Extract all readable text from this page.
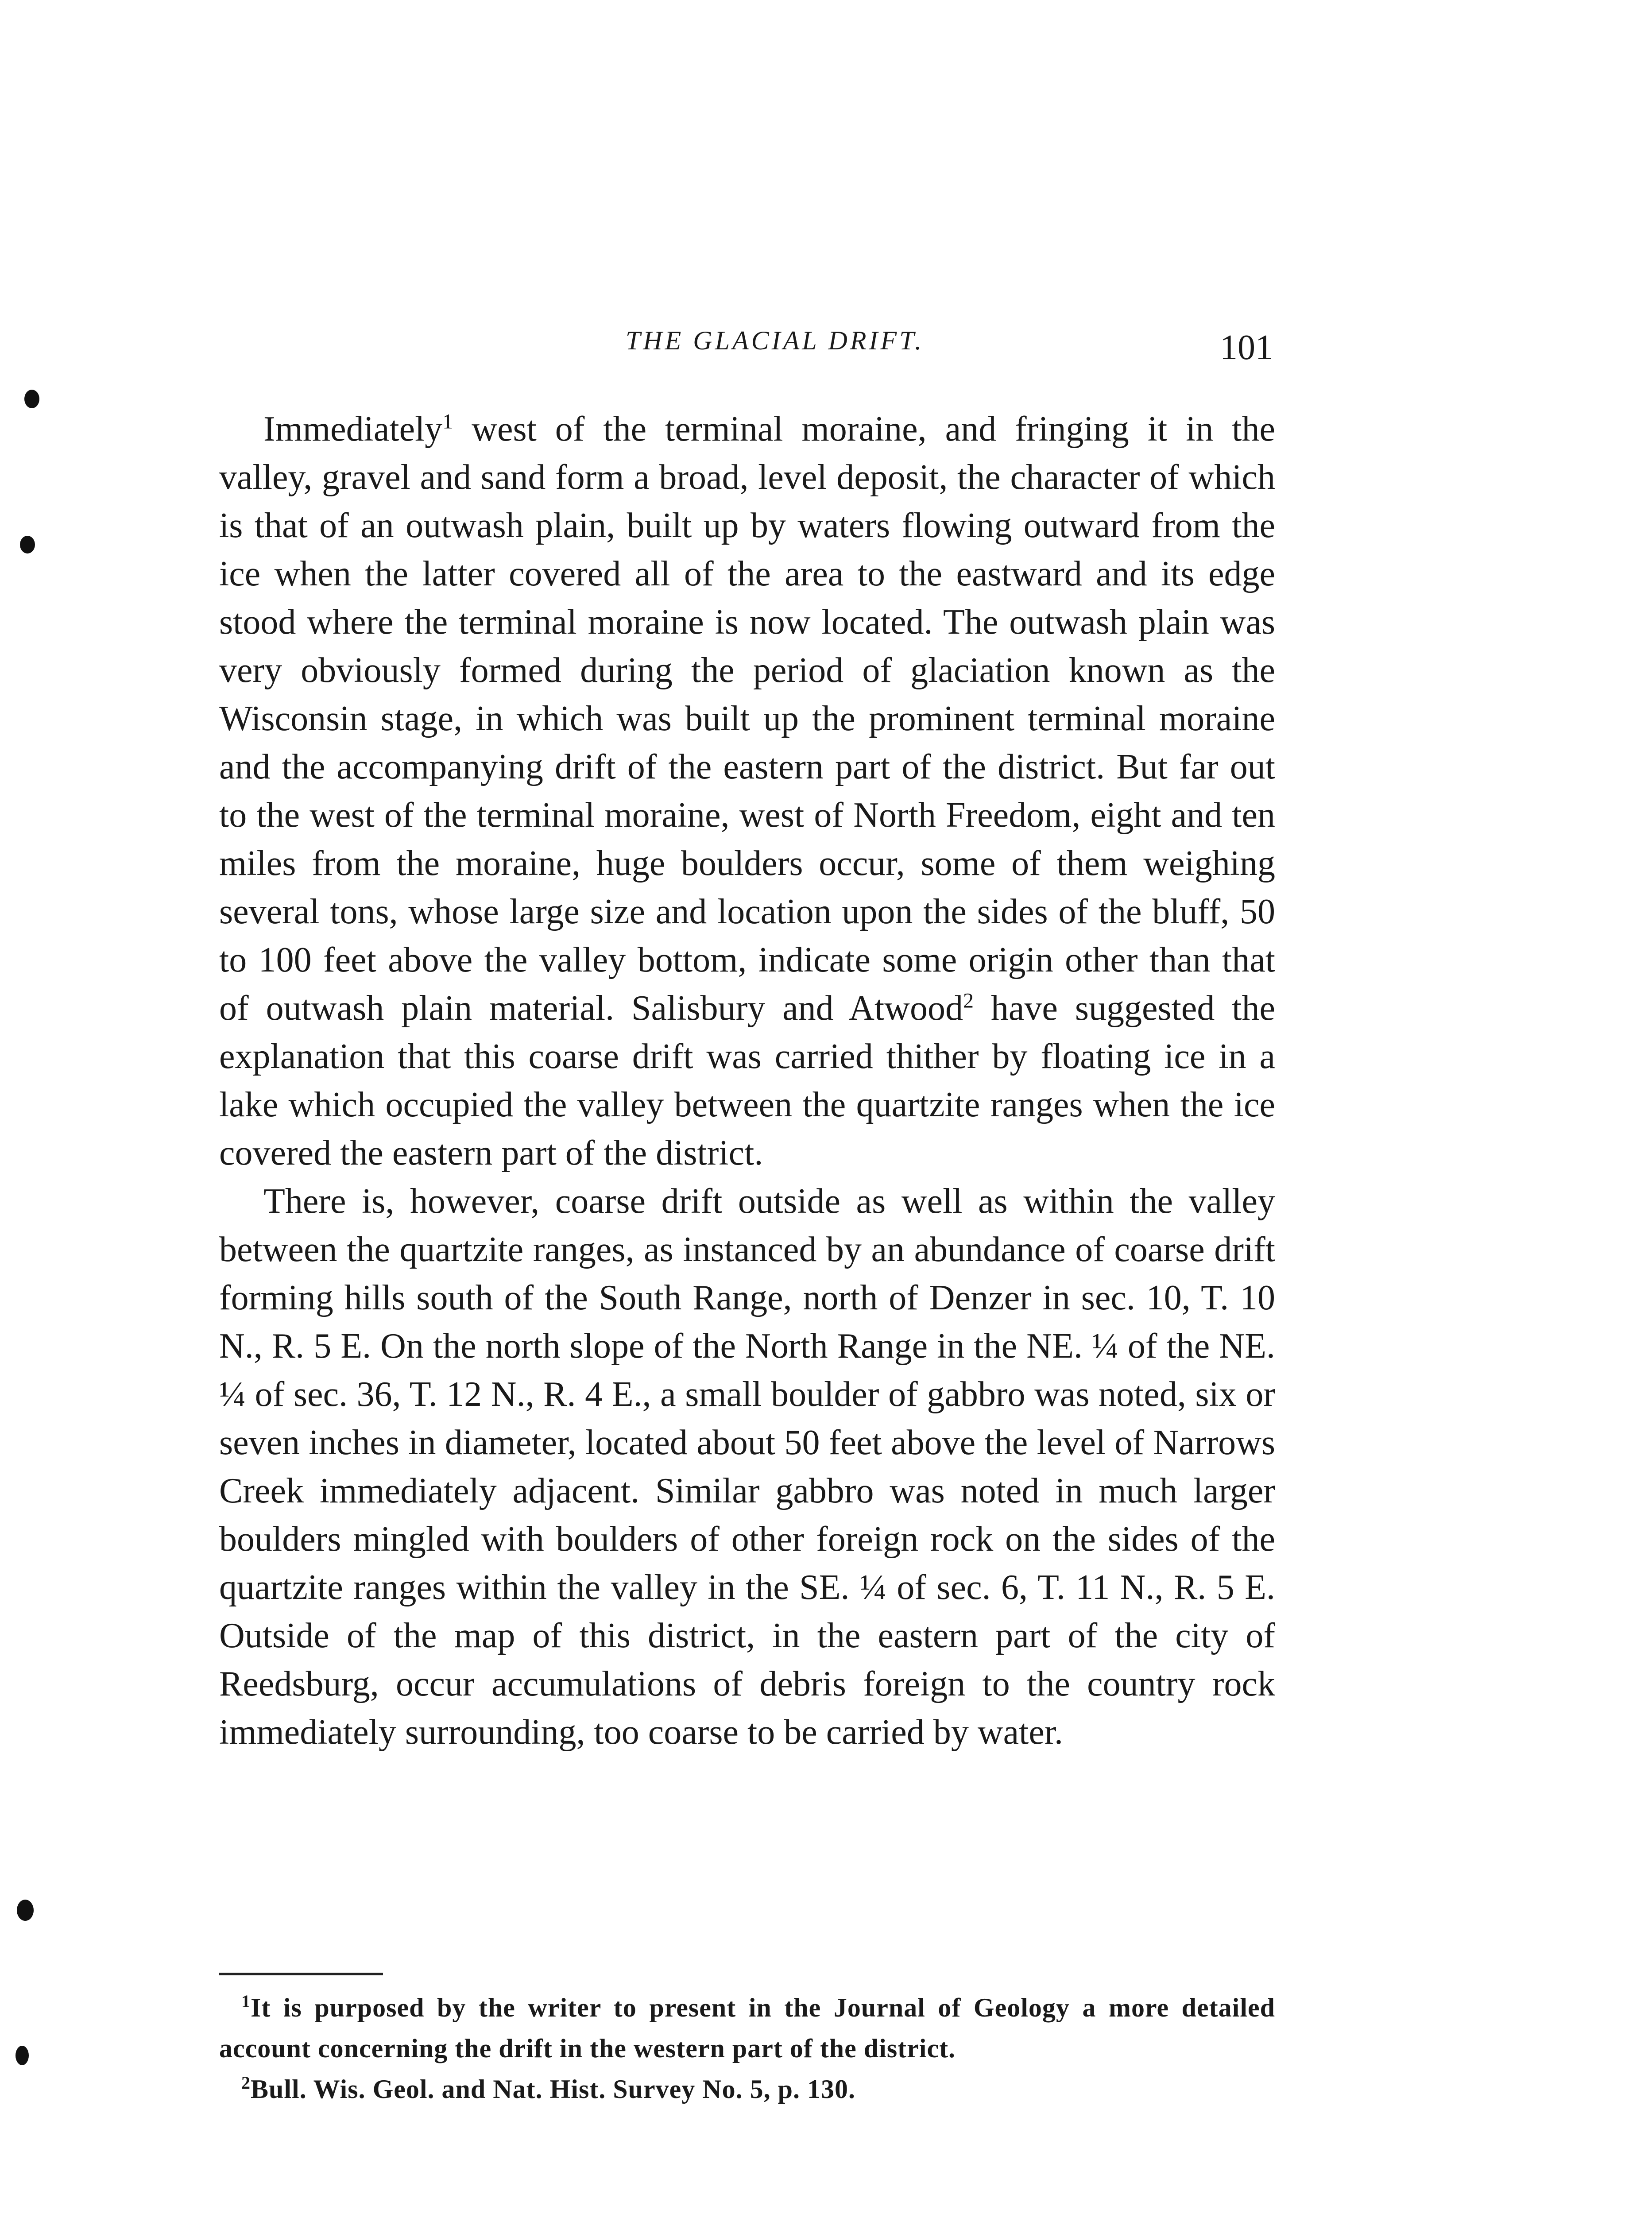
THE GLACIAL DRIFT.	101

Immediately$^1$ west of the terminal moraine, and fringing it in the valley, gravel and sand form a broad, level deposit, the character of which is that of an outwash plain, built up by waters flowing outward from the ice when the latter covered all of the area to the eastward and its edge stood where the terminal moraine is now located. The outwash plain was very obviously formed during the period of glaciation known as the Wisconsin stage, in which was built up the prominent terminal moraine and the accompanying drift of the eastern part of the district. But far out to the west of the terminal moraine, west of North Freedom, eight and ten miles from the moraine, huge boulders occur, some of them weighing several tons, whose large size and location upon the sides of the bluff, 50 to 100 feet above the valley bottom, indicate some origin other than that of outwash plain material. Salisbury and Atwood$^2$ have suggested the explanation that this coarse drift was carried thither by floating ice in a lake which occupied the valley between the quartzite ranges when the ice covered the eastern part of the district.

There is, however, coarse drift outside as well as within the valley between the quartzite ranges, as instanced by an abundance of coarse drift forming hills south of the South Range, north of Denzer in sec. 10, T. 10 N., R. 5 E. On the north slope of the North Range in the NE. ¼ of the NE. ¼ of sec. 36, T. 12 N., R. 4 E., a small boulder of gabbro was noted, six or seven inches in diameter, located about 50 feet above the level of Narrows Creek immediately adjacent. Similar gabbro was noted in much larger boulders mingled with boulders of other foreign rock on the sides of the quartzite ranges within the valley in the SE. ¼ of sec. 6, T. 11 N., R. 5 E. Outside of the map of this district, in the eastern part of the city of Reedsburg, occur accumulations of debris foreign to the country rock immediately surrounding, too coarse to be carried by water.

$^1$It is purposed by the writer to present in the Journal of Geology a more detailed account concerning the drift in the western part of the district.

$^2$Bull. Wis. Geol. and Nat. Hist. Survey No. 5, p. 130.
